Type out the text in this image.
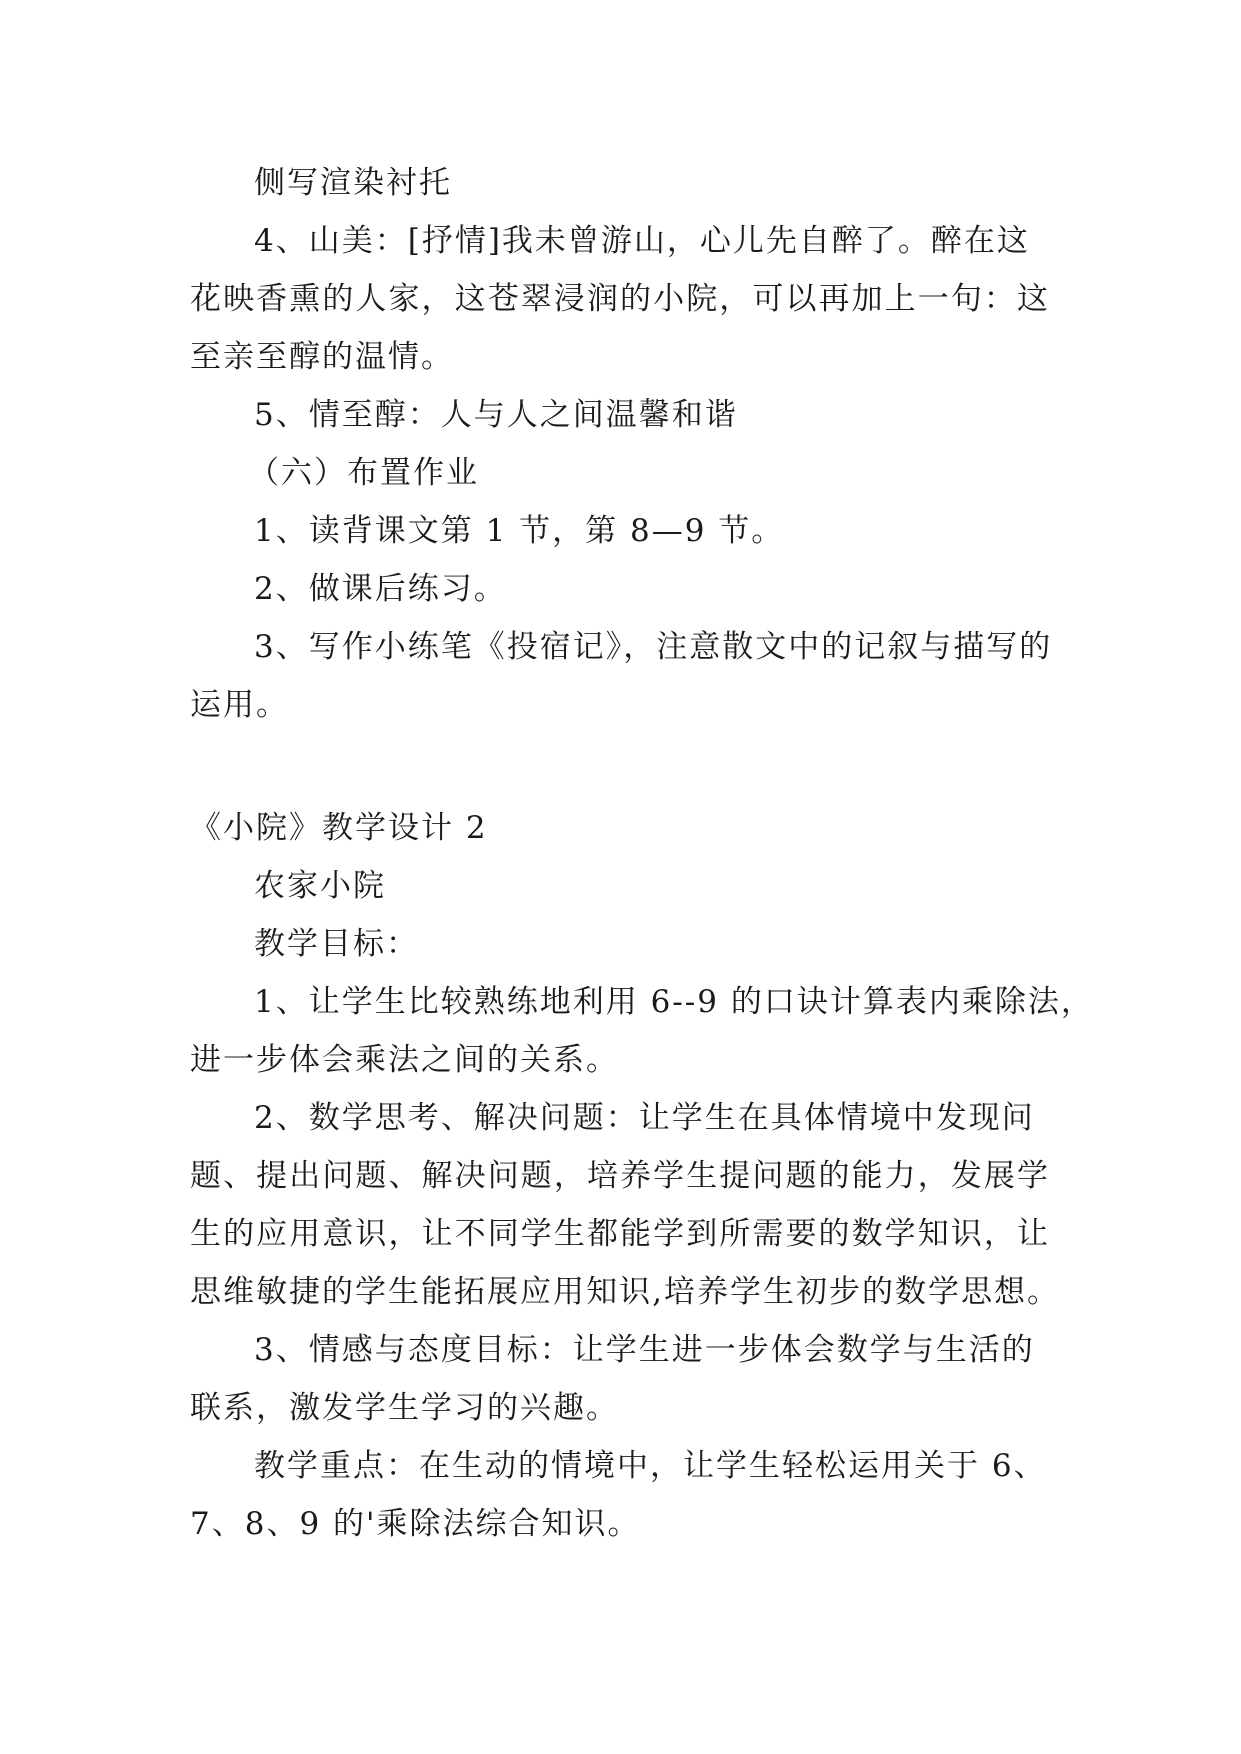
侧写渲染衬托
4、山美：[抒情]我未曾游山，心儿先自醉了。醉在这
花映香熏的人家，这苍翠浸润的小院，可以再加上一句：这
至亲至醇的温情。
5、情至醇：人与人之间温馨和谐
（六）布置作业
1、读背课文第 1 节，第 8—9 节。
2、做课后练习。
3、写作小练笔《投宿记》，注意散文中的记叙与描写的
运用。
《小院》教学设计 2
农家小院
教学目标：
1、让学生比较熟练地利用 6--9 的口诀计算表内乘除法，
进一步体会乘法之间的关系。
2、数学思考、解决问题：让学生在具体情境中发现问
题、提出问题、解决问题，培养学生提问题的能力，发展学
生的应用意识，让不同学生都能学到所需要的数学知识，让
思维敏捷的学生能拓展应用知识,培养学生初步的数学思想。
3、情感与态度目标：让学生进一步体会数学与生活的
联系，激发学生学习的兴趣。
教学重点：在生动的情境中，让学生轻松运用关于 6、
7、8、9 的'乘除法综合知识。
